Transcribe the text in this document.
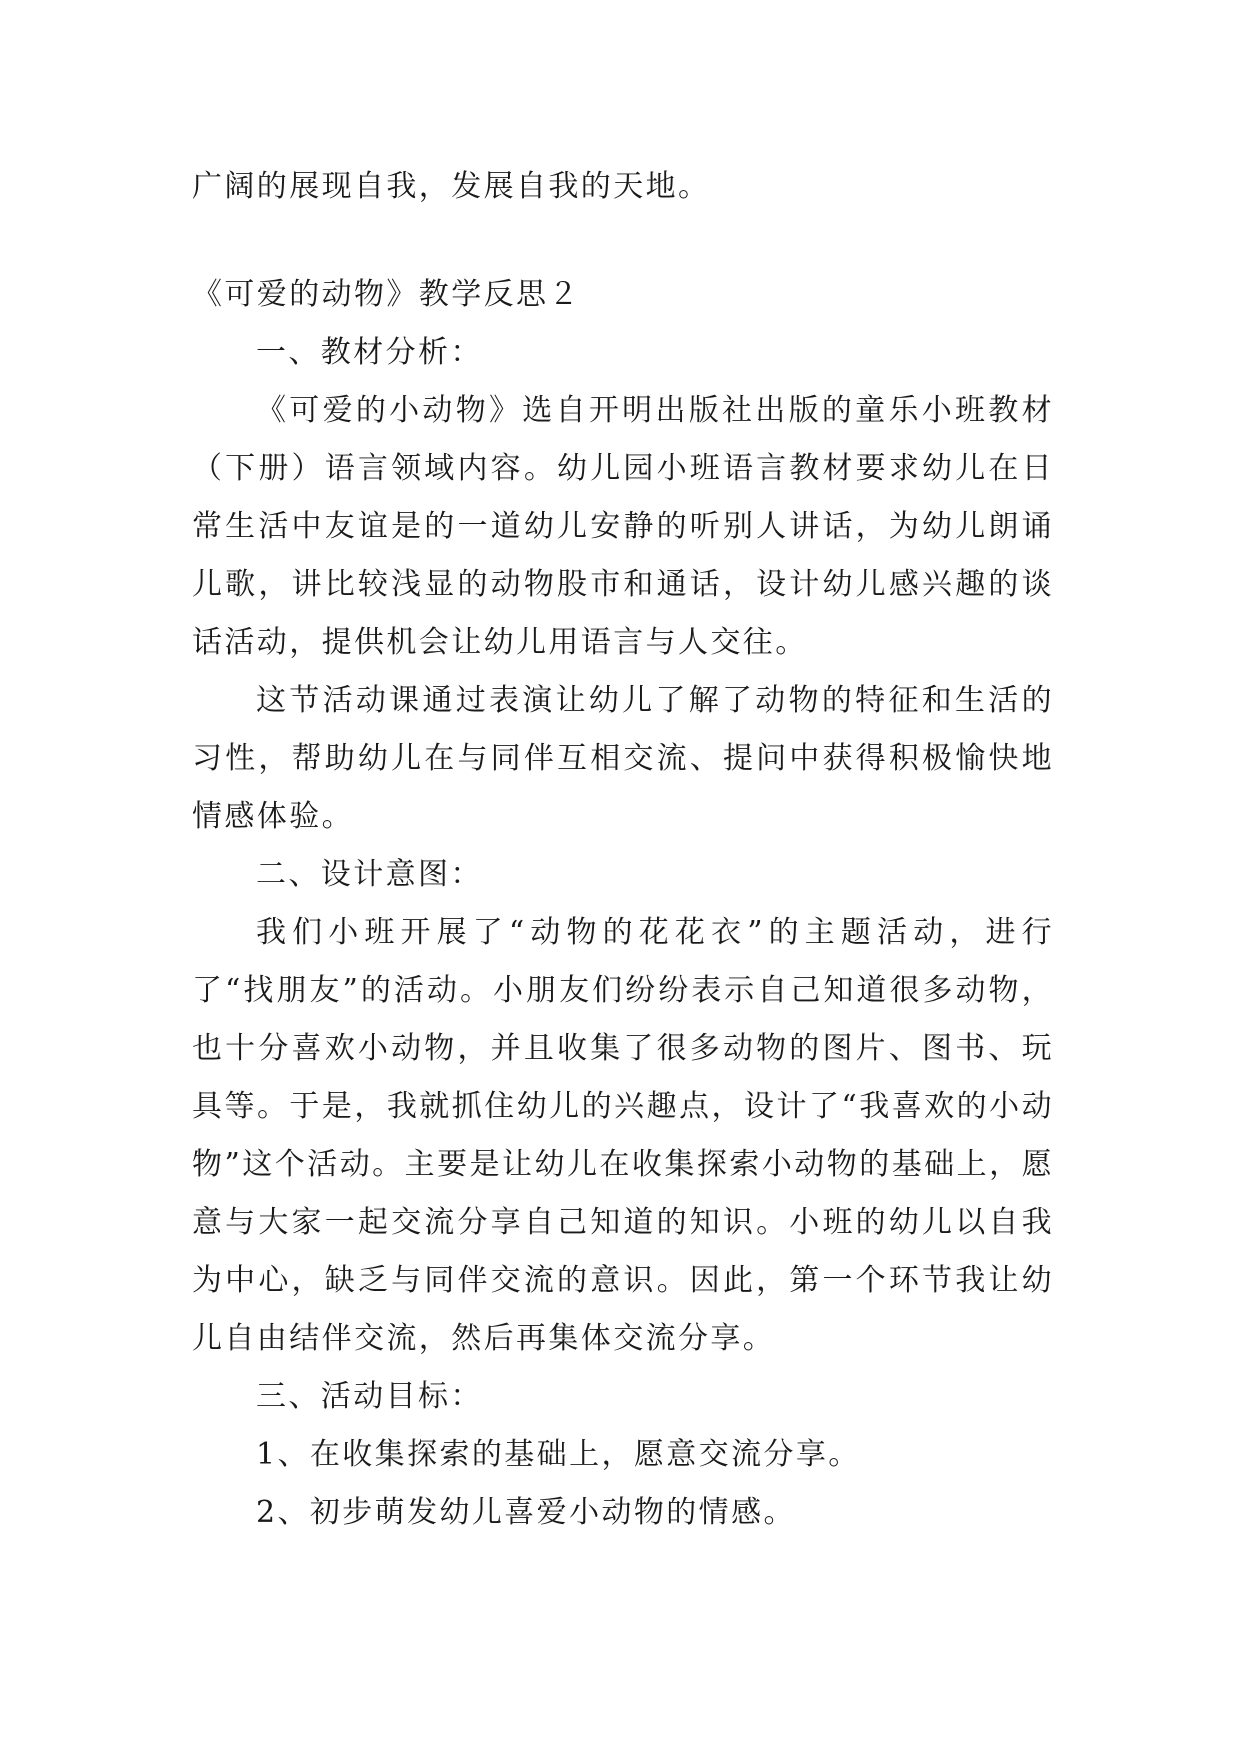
广阔的展现自我，发展自我的天地。

《可爱的动物》教学反思２

一、教材分析：

《可爱的小动物》选自开明出版社出版的童乐小班教材（下册）语言领域内容。幼儿园小班语言教材要求幼儿在日常生活中友谊是的一道幼儿安静的听别人讲话，为幼儿朗诵儿歌，讲比较浅显的动物股市和通话，设计幼儿感兴趣的谈话活动，提供机会让幼儿用语言与人交往。

这节活动课通过表演让幼儿了解了动物的特征和生活的习性，帮助幼儿在与同伴互相交流、提问中获得积极愉快地情感体验。

二、设计意图：

我们小班开展了“动物的花花衣”的主题活动，进行了“找朋友”的活动。小朋友们纷纷表示自己知道很多动物，也十分喜欢小动物，并且收集了很多动物的图片、图书、玩具等。于是，我就抓住幼儿的兴趣点，设计了“我喜欢的小动物”这个活动。主要是让幼儿在收集探索小动物的基础上，愿意与大家一起交流分享自己知道的知识。小班的幼儿以自我为中心，缺乏与同伴交流的意识。因此，第一个环节我让幼儿自由结伴交流，然后再集体交流分享。

三、活动目标：

1、在收集探索的基础上，愿意交流分享。

2、初步萌发幼儿喜爱小动物的情感。
